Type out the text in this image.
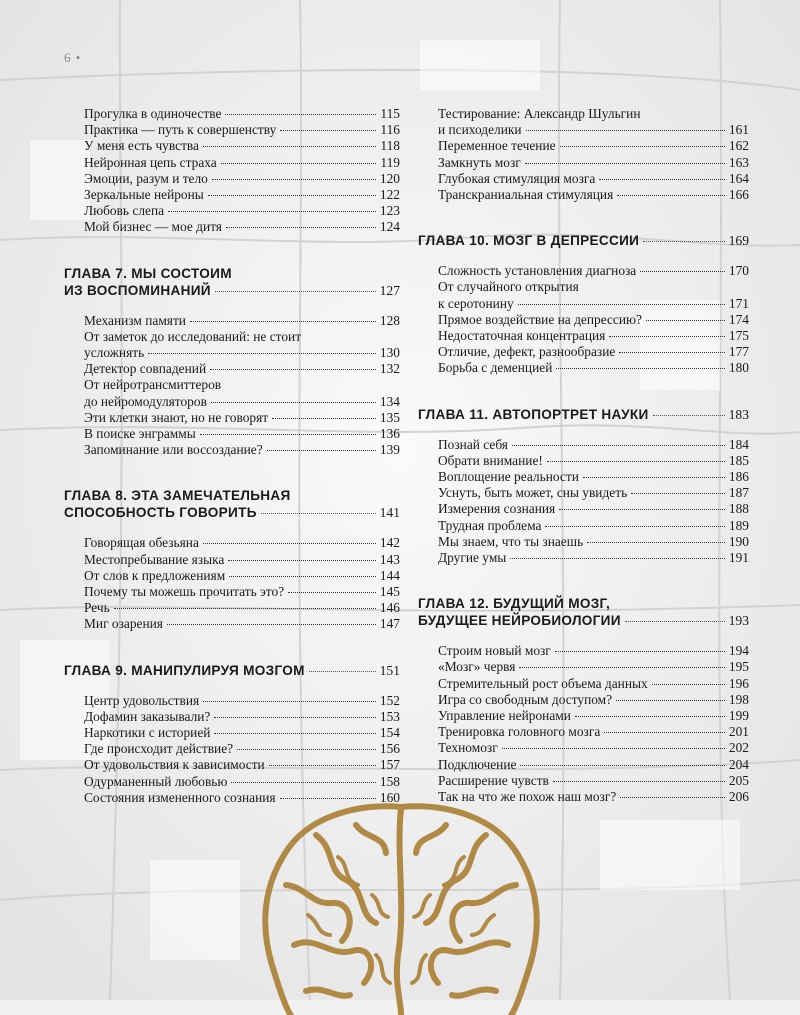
6 •
Прогулка в одиночестве	115
Практика — путь к совершенству	116
У меня есть чувства	118
Нейронная цепь страха	119
Эмоции, разум и тело	120
Зеркальные нейроны	122
Любовь слепа	123
Мой бизнес — мое дитя	124
ГЛАВА 7. МЫ СОСТОИМ
ИЗ ВОСПОМИНАНИЙ	127
Механизм памяти	128
От заметок до исследований: не стоит
усложнять	130
Детектор совпадений	132
От нейротрансмиттеров
до нейромодуляторов	134
Эти клетки знают, но не говорят	135
В поиске энграммы	136
Запоминание или воссоздание?	139
ГЛАВА 8. ЭТА ЗАМЕЧАТЕЛЬНАЯ
СПОСОБНОСТЬ ГОВОРИТЬ	141
Говорящая обезьяна	142
Местопребывание языка	143
От слов к предложениям	144
Почему ты можешь прочитать это?	145
Речь	146
Миг озарения	147
ГЛАВА 9. МАНИПУЛИРУЯ МОЗГОМ	151
Центр удовольствия	152
Дофамин заказывали?	153
Наркотики с историей	154
Где происходит действие?	156
От удовольствия к зависимости	157
Одурманенный любовью	158
Состояния измененного сознания	160
Тестирование: Александр Шульгин
и психоделики	161
Переменное течение	162
Замкнуть мозг	163
Глубокая стимуляция мозга	164
Транскраниальная стимуляция	166
ГЛАВА 10. МОЗГ В ДЕПРЕССИИ	169
Сложность установления диагноза	170
От случайного открытия
к серотонину	171
Прямое воздействие на депрессию?	174
Недостаточная концентрация	175
Отличие, дефект, разнообразие	177
Борьба с деменцией	180
ГЛАВА 11. АВТОПОРТРЕТ НАУКИ	183
Познай себя	184
Обрати внимание!	185
Воплощение реальности	186
Уснуть, быть может, сны увидеть	187
Измерения сознания	188
Трудная проблема	189
Мы знаем, что ты знаешь	190
Другие умы	191
ГЛАВА 12. БУДУЩИЙ МОЗГ,
БУДУЩЕЕ НЕЙРОБИОЛОГИИ	193
Строим новый мозг	194
«Мозг» червя	195
Стремительный рост объема данных	196
Игра со свободным доступом?	198
Управление нейронами	199
Тренировка головного мозга	201
Техномозг	202
Подключение	204
Расширение чувств	205
Так на что же похож наш мозг?	206
